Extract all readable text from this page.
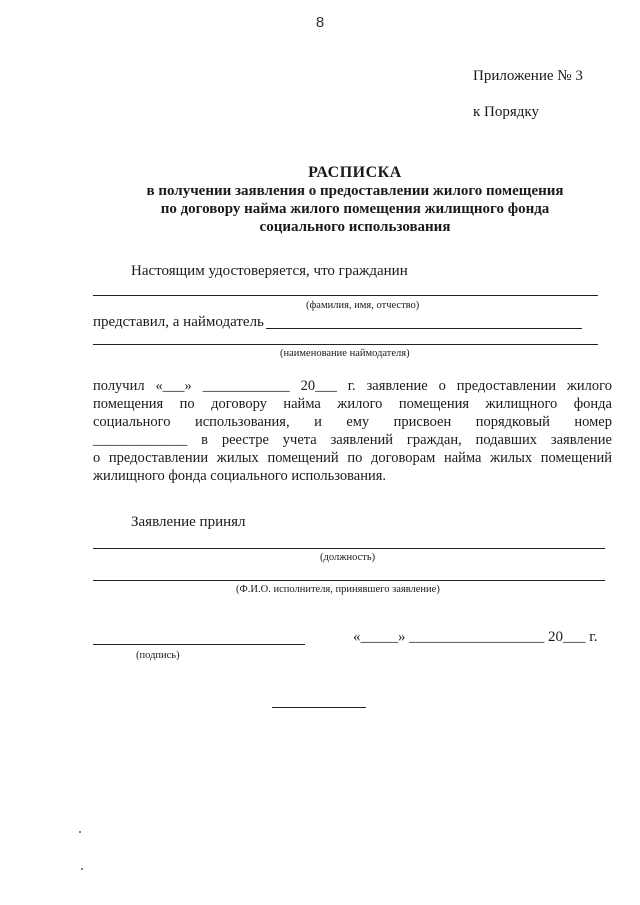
8
Приложение № 3
к Порядку
РАСПИСКА
в получении заявления о предоставлении жилого помещения
по договору найма жилого помещения жилищного фонда
социального использования
Настоящим удостоверяется, что гражданин
(фамилия, имя, отчество)
представил, а наймодатель
(наименование наймодателя)
получил «___» ____________ 20___ г. заявление о предоставлении жилого
помещения по договору найма жилого помещения жилищного фонда
социального использования, и ему присвоен порядковый номер
_____________ в реестре учета заявлений граждан, подавших заявление
о предоставлении жилых помещений по договорам найма жилых помещений
жилищного фонда социального использования.
Заявление принял
(должность)
(Ф.И.О. исполнителя, принявшего заявление)
«_____» __________________ 20___ г.
(подпись)
